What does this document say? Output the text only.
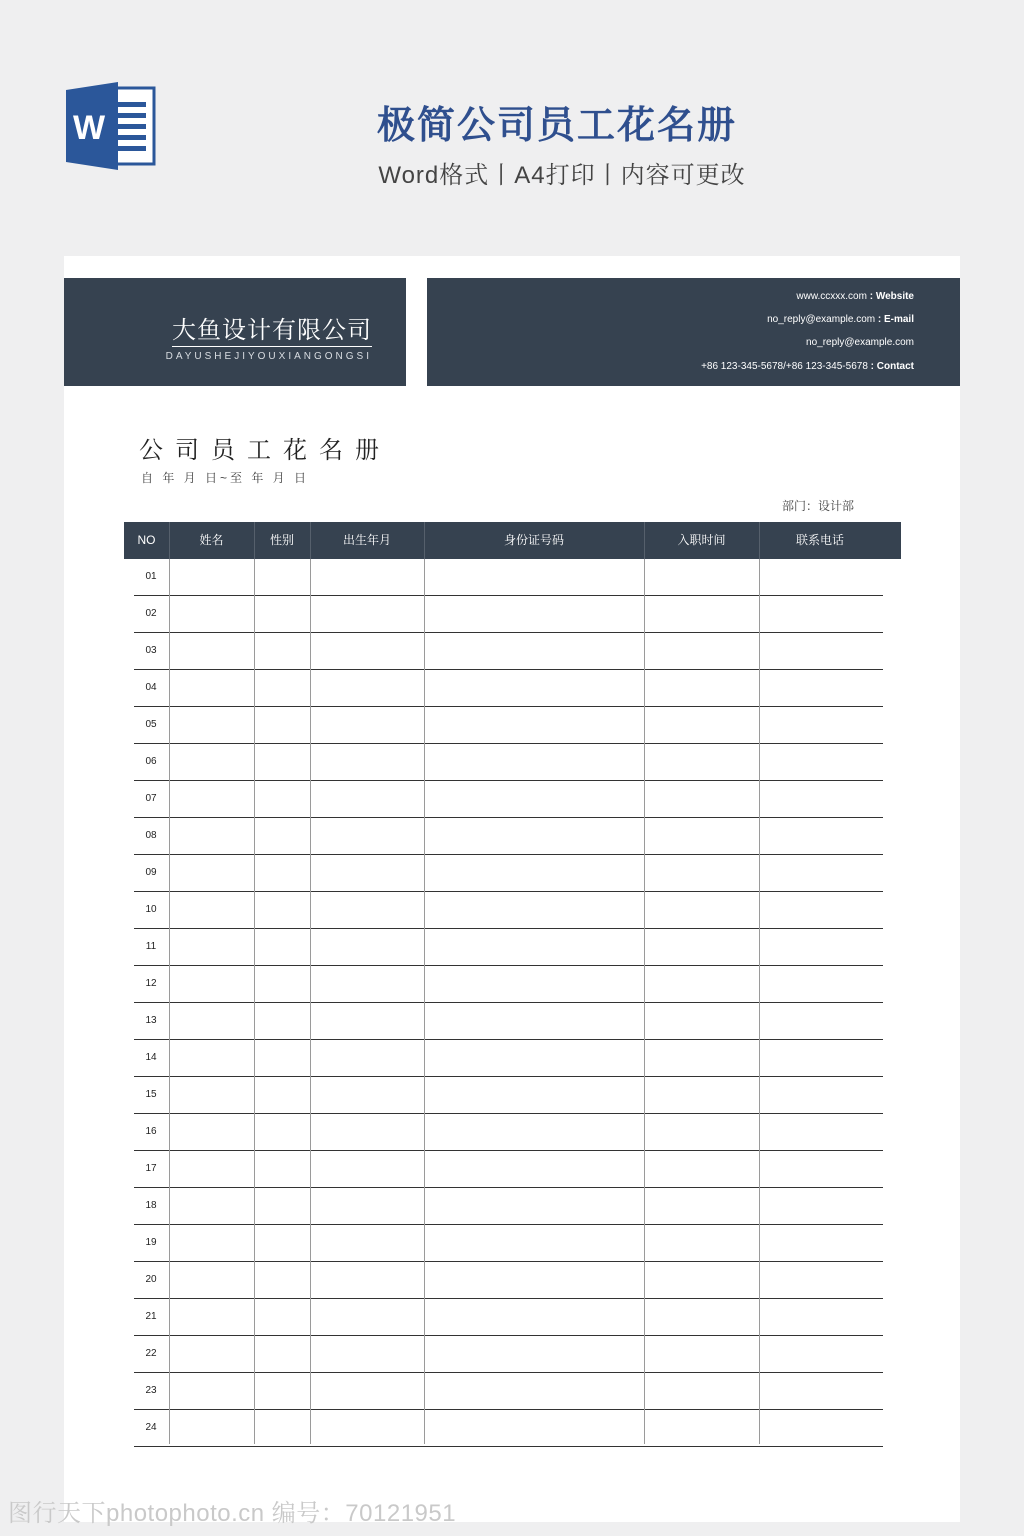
W	极简公司员工花名册
Word格式丨A4打印丨内容可更改
大鱼设计有限公司
DAYUSHEJIYOUXIANGONGSI
www.ccxxx.com : Website
no_reply@example.com : E-mail
no_reply@example.com
+86 123-345-5678/+86 123-345-5678 : Contact
公司员工花名册
自 年 月 日~至 年 月 日
部门：设计部
NO	姓名	性别	出生年月	身份证号码	入职时间	联系电话
01
02
03
04
05
06
07
08
09
10
11
12
13
14
15
16
17
18
19
20
21
22
23
24
图行天下photophoto.cn 编号：70121951
